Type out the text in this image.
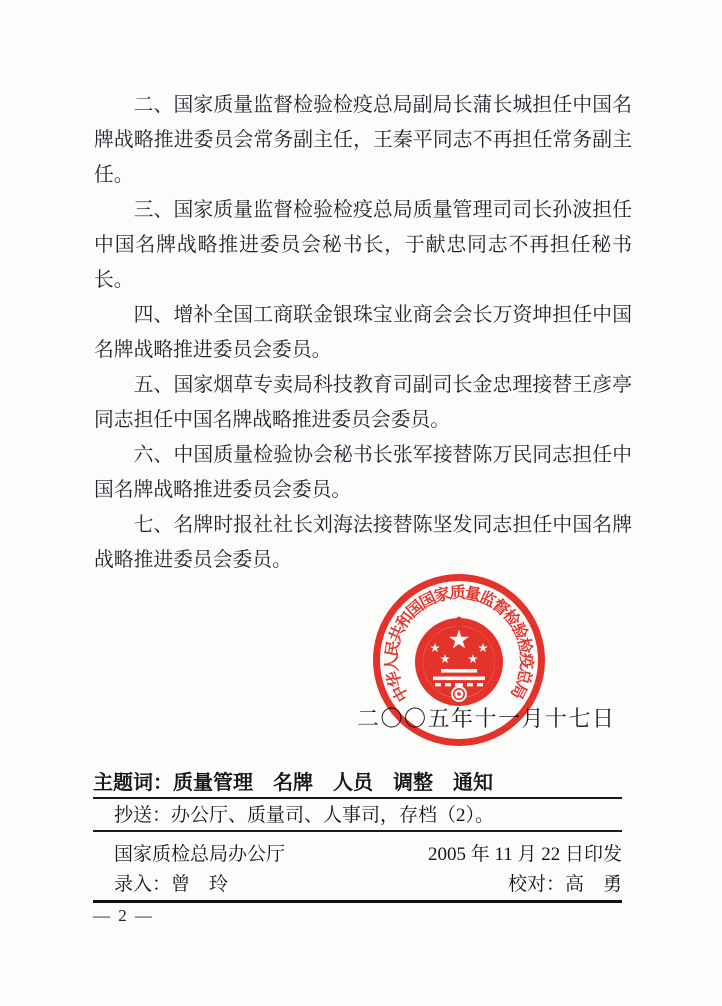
二、国家质量监督检验检疫总局副局长蒲长城担任中国名牌战略推进委员会常务副主任，王秦平同志不再担任常务副主任。

三、国家质量监督检验检疫总局质量管理司司长孙波担任中国名牌战略推进委员会秘书长，于献忠同志不再担任秘书长。

四、增补全国工商联金银珠宝业商会会长万资坤担任中国名牌战略推进委员会委员。

五、国家烟草专卖局科技教育司副司长金忠理接替王彦亭同志担任中国名牌战略推进委员会委员。

六、中国质量检验协会秘书长张军接替陈万民同志担任中国名牌战略推进委员会委员。

七、名牌时报社社长刘海法接替陈坚发同志担任中国名牌战略推进委员会委员。

二〇〇五年十一月十七日
中华人民共和国国家质量监督检验检疫总局
主题词：质量管理　名牌　人员　调整　通知
抄送：办公厅、质量司、人事司，存档（2）。
国家质检总局办公厅	2005 年 11 月 22 日印发
录入：曾　玲	校对：高　勇
— 2 —
